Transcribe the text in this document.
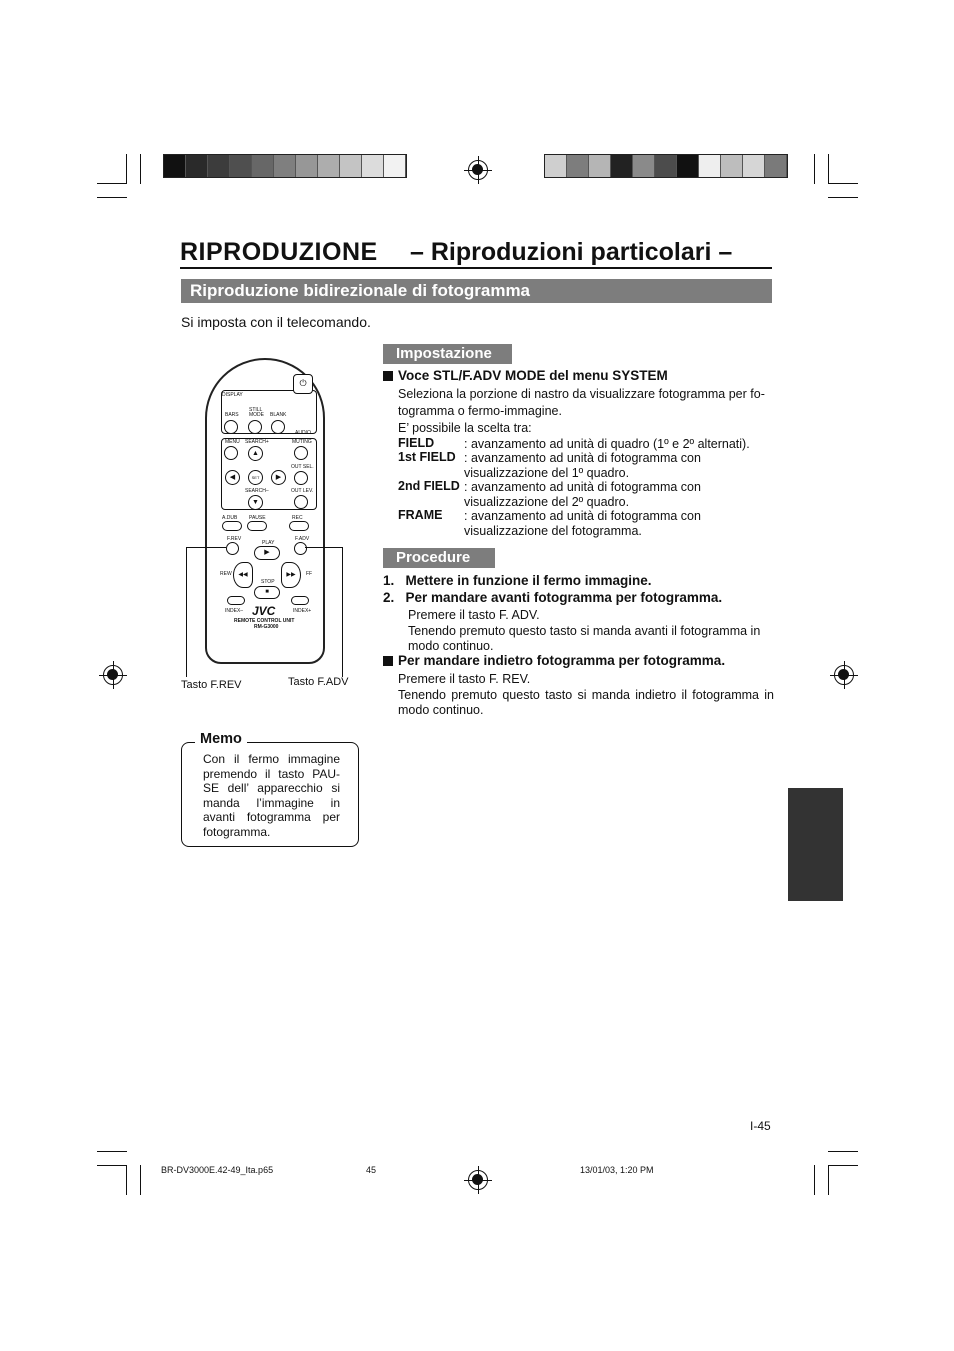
RIPRODUZIONE – Riproduzioni particolari –
Riproduzione bidirezionale di fotogramma
Si imposta con il telecomando.
Impostazione
Voce STL/F.ADV MODE del menu SYSTEM
Seleziona la porzione di nastro da visualizzare fotogramma per fo-
togramma o fermo-immagine.
E’ possibile la scelta tra:
FIELD : avanzamento ad unità di quadro (1º e 2º alternati).
1st FIELD : avanzamento ad unità di fotogramma con visualizzazione del 1º quadro.
2nd FIELD : avanzamento ad unità di fotogramma con visualizzazione del 2º quadro.
FRAME : avanzamento ad unità di fotogramma con visualizzazione del fotogramma.
Procedure
1.   Mettere in funzione il fermo immagine.
2.   Per mandare avanti fotogramma per fotogramma.
Premere il tasto F. ADV.
Tenendo premuto questo tasto si manda avanti il fotogramma in modo continuo.
Per mandare indietro fotogramma per fotogramma.
Premere il tasto F. REV.
Tenendo premuto questo tasto si manda indietro il fotogramma in modo continuo.
⏻
DISPLAY
BARS
STILL MODE BLANK
AUDIO
MENU SEARCH+	MUTING
▲
◀	SET	▶
OUT SEL.
SEARCH–
▼
OUT LEV.
A.DUB PAUSE	REC
F.REV	F.ADV
PLAY
▶
REW	FF
◀◀	▶▶
STOP
■
INDEX–	INDEX+
JVC
REMOTE CONTROL UNIT
RM-G3000
Tasto F.REV	Tasto F.ADV
Memo
Con il fermo immagine premendo il tasto PAU-SE dell’ apparecchio si manda l’immagine in avanti fotogramma per fotogramma.
I-45
BR-DV3000E.42-49_Ita.p65	45	13/01/03, 1:20 PM
